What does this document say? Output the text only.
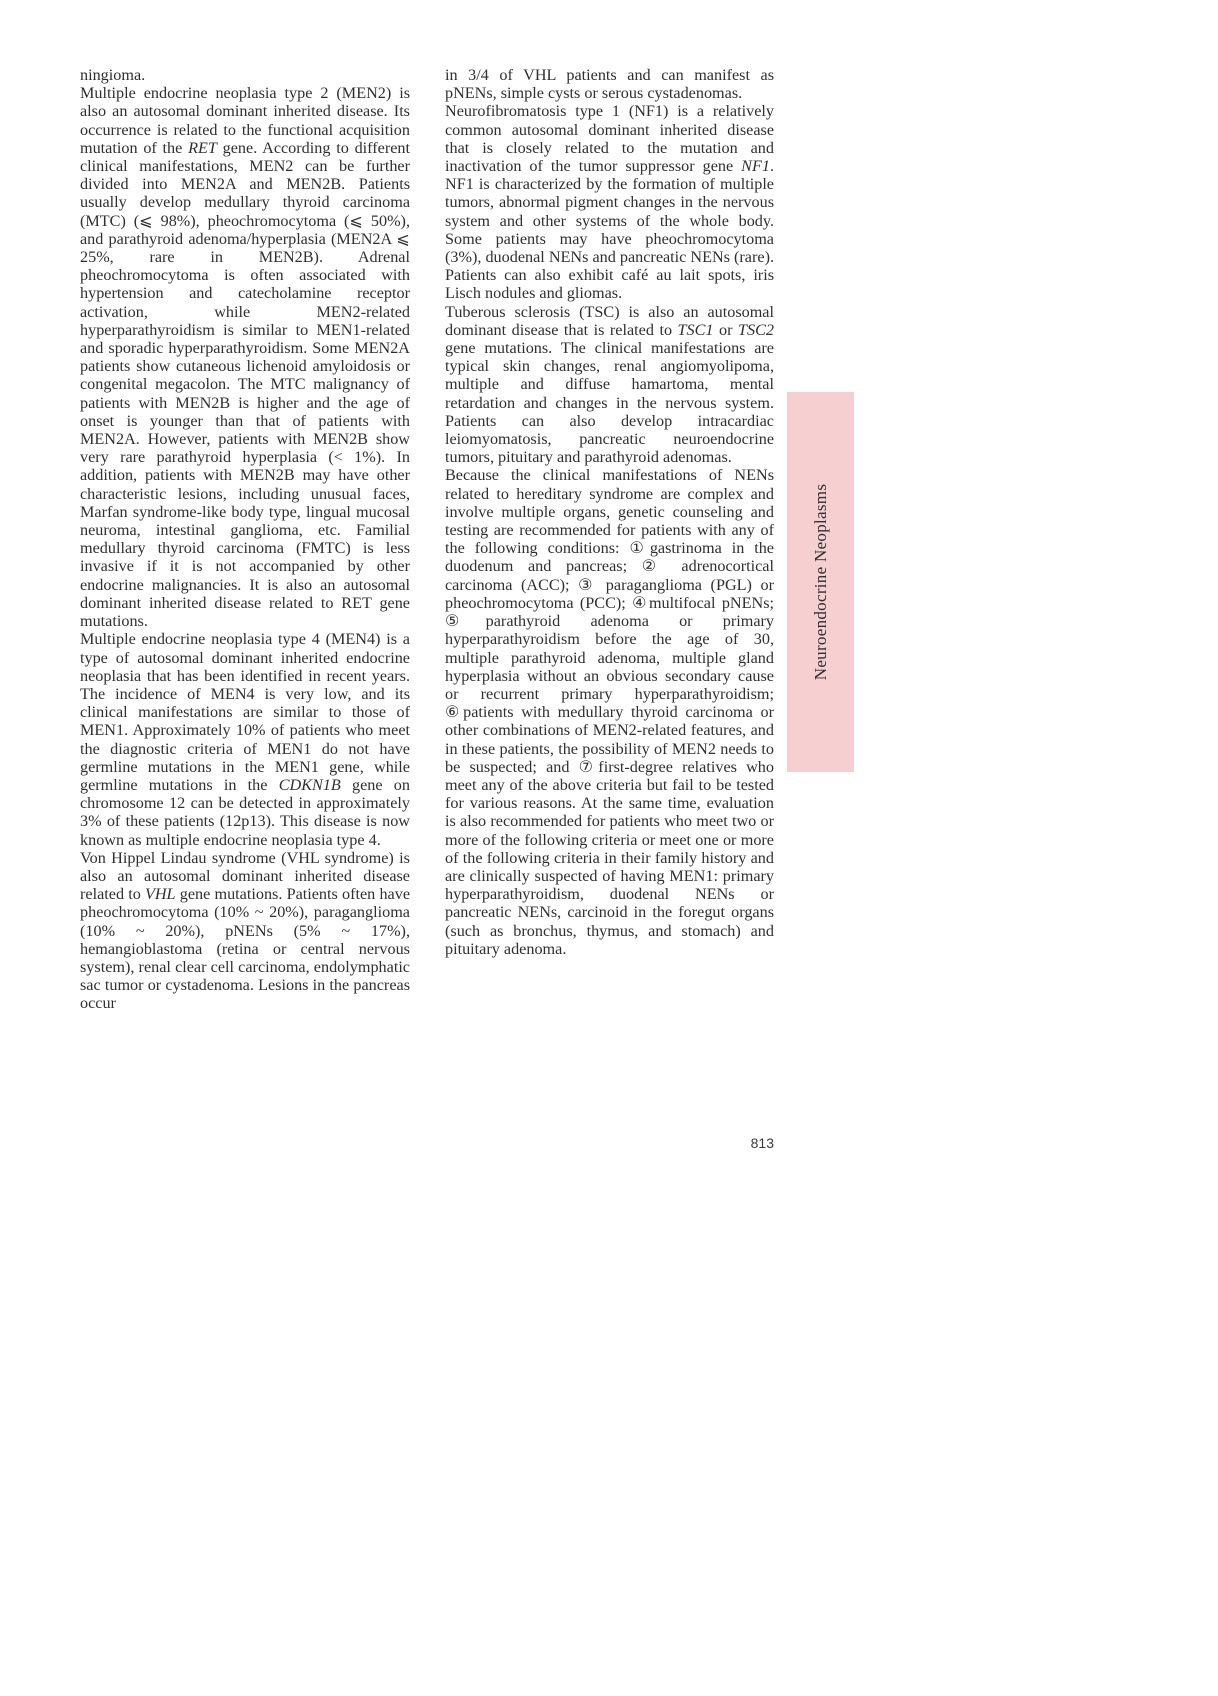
ningioma.

Multiple endocrine neoplasia type 2 (MEN2) is also an autosomal dominant inherited disease. Its occurrence is related to the functional acquisition mutation of the RET gene. According to different clinical manifestations, MEN2 can be further divided into MEN2A and MEN2B. Patients usually develop medullary thyroid carcinoma (MTC) (⩽ 98%), pheochromocytoma (⩽ 50%), and parathyroid adenoma/hyperplasia (MEN2A ⩽ 25%, rare in MEN2B). Adrenal pheochromocytoma is often associated with hypertension and catecholamine receptor activation, while MEN2-related hyperparathyroidism is similar to MEN1-related and sporadic hyperparathyroidism. Some MEN2A patients show cutaneous lichenoid amyloidosis or congenital megacolon. The MTC malignancy of patients with MEN2B is higher and the age of onset is younger than that of patients with MEN2A. However, patients with MEN2B show very rare parathyroid hyperplasia (< 1%). In addition, patients with MEN2B may have other characteristic lesions, including unusual faces, Marfan syndrome-like body type, lingual mucosal neuroma, intestinal ganglioma, etc. Familial medullary thyroid carcinoma (FMTC) is less invasive if it is not accompanied by other endocrine malignancies. It is also an autosomal dominant inherited disease related to RET gene mutations.

Multiple endocrine neoplasia type 4 (MEN4) is a type of autosomal dominant inherited endocrine neoplasia that has been identified in recent years. The incidence of MEN4 is very low, and its clinical manifestations are similar to those of MEN1. Approximately 10% of patients who meet the diagnostic criteria of MEN1 do not have germline mutations in the MEN1 gene, while germline mutations in the CDKN1B gene on chromosome 12 can be detected in approximately 3% of these patients (12p13). This disease is now known as multiple endocrine neoplasia type 4.

Von Hippel Lindau syndrome (VHL syndrome) is also an autosomal dominant inherited disease related to VHL gene mutations. Patients often have pheochromocytoma (10% ~ 20%), paraganglioma (10% ~ 20%), pNENs (5% ~ 17%), hemangioblastoma (retina or central nervous system), renal clear cell carcinoma, endolymphatic sac tumor or cystadenoma. Lesions in the pancreas occur

in 3/4 of VHL patients and can manifest as pNENs, simple cysts or serous cystadenomas.

Neurofibromatosis type 1 (NF1) is a relatively common autosomal dominant inherited disease that is closely related to the mutation and inactivation of the tumor suppressor gene NF1. NF1 is characterized by the formation of multiple tumors, abnormal pigment changes in the nervous system and other systems of the whole body. Some patients may have pheochromocytoma (3%), duodenal NENs and pancreatic NENs (rare). Patients can also exhibit café au lait spots, iris Lisch nodules and gliomas.

Tuberous sclerosis (TSC) is also an autosomal dominant disease that is related to TSC1 or TSC2 gene mutations. The clinical manifestations are typical skin changes, renal angiomyolipoma, multiple and diffuse hamartoma, mental retardation and changes in the nervous system. Patients can also develop intracardiac leiomyomatosis, pancreatic neuroendocrine tumors, pituitary and parathyroid adenomas.

Because the clinical manifestations of NENs related to hereditary syndrome are complex and involve multiple organs, genetic counseling and testing are recommended for patients with any of the following conditions: ①gastrinoma in the duodenum and pancreas; ② adrenocortical carcinoma (ACC); ③ paraganglioma (PGL) or pheochromocytoma (PCC); ④multifocal pNENs; ⑤parathyroid adenoma or primary hyperparathyroidism before the age of 30, multiple parathyroid adenoma, multiple gland hyperplasia without an obvious secondary cause or recurrent primary hyperparathyroidism; ⑥patients with medullary thyroid carcinoma or other combinations of MEN2-related features, and in these patients, the possibility of MEN2 needs to be suspected; and ⑦first-degree relatives who meet any of the above criteria but fail to be tested for various reasons. At the same time, evaluation is also recommended for patients who meet two or more of the following criteria or meet one or more of the following criteria in their family history and are clinically suspected of having MEN1: primary hyperparathyroidism, duodenal NENs or pancreatic NENs, carcinoid in the foregut organs (such as bronchus, thymus, and stomach) and pituitary adenoma.

Neuroendocrine Neoplasms
813
